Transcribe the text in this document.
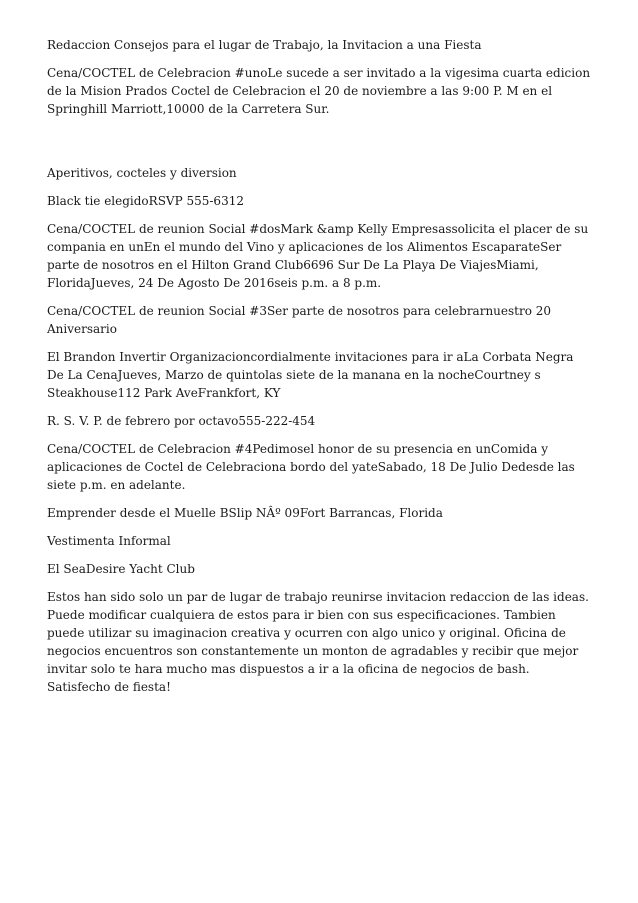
Redaccion Consejos para el lugar de Trabajo, la Invitacion a una Fiesta

Cena/COCTEL de Celebracion #unoLe sucede a ser invitado a la vigesima cuarta edicion de la Mision Prados Coctel de Celebracion el 20 de noviembre a las 9:00 P. M en el Springhill Marriott,10000 de la Carretera Sur.

Aperitivos, cocteles y diversion

Black tie elegidoRSVP 555-6312

Cena/COCTEL de reunion Social #dosMark &amp Kelly Empresassolicita el placer de su compania en unEn el mundo del Vino y aplicaciones de los Alimentos EscaparateSer parte de nosotros en el Hilton Grand Club6696 Sur De La Playa De ViajesMiami, FloridaJueves, 24 De Agosto De 2016seis p.m. a 8 p.m.

Cena/COCTEL de reunion Social #3Ser parte de nosotros para celebrarnuestro 20 Aniversario

El Brandon Invertir Organizacioncordialmente invitaciones para ir aLa Corbata Negra De La CenaJueves, Marzo de quintolas siete de la manana en la nocheCourtney s Steakhouse112 Park AveFrankfort, KY

R. S. V. P. de febrero por octavo555-222-454

Cena/COCTEL de Celebracion #4Pedimosel honor de su presencia en unComida y aplicaciones de Coctel de Celebraciona bordo del yateSabado, 18 De Julio Dedesde las siete p.m. en adelante.

Emprender desde el Muelle BSlip NÂº 09Fort Barrancas, Florida

Vestimenta Informal

El SeaDesire Yacht Club

Estos han sido solo un par de lugar de trabajo reunirse invitacion redaccion de las ideas. Puede modificar cualquiera de estos para ir bien con sus especificaciones. Tambien puede utilizar su imaginacion creativa y ocurren con algo unico y original. Oficina de negocios encuentros son constantemente un monton de agradables y recibir que mejor invitar solo te hara mucho mas dispuestos a ir a la oficina de negocios de bash. Satisfecho de fiesta!
